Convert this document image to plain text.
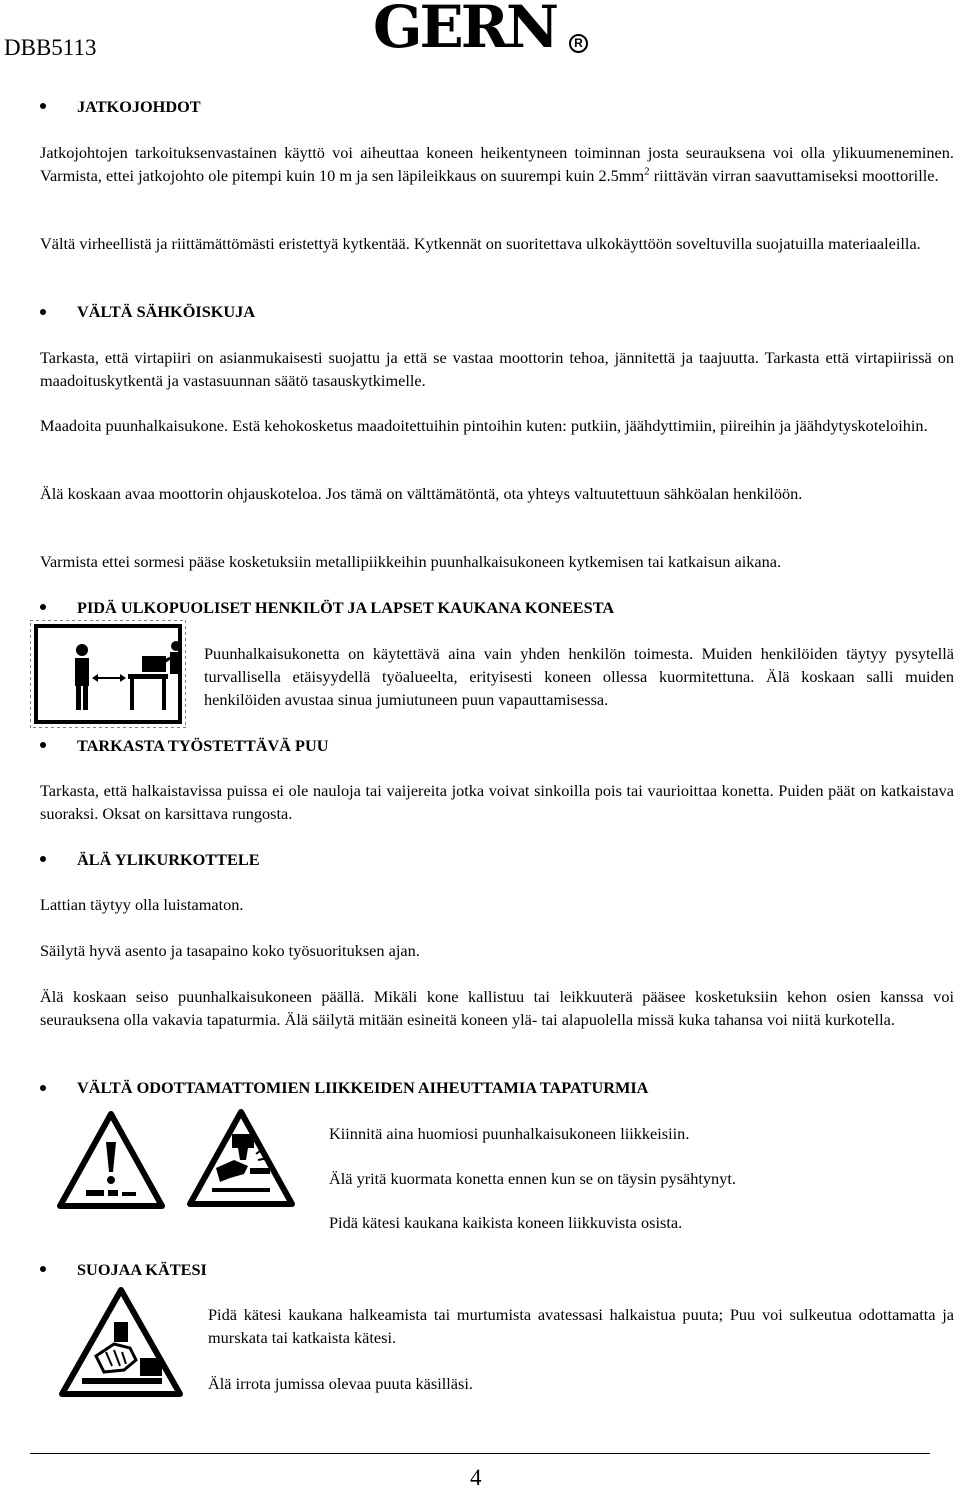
DBB5113	GERN	R
JATKOJOHDOT
Jatkojohtojen tarkoituksenvastainen käyttö voi aiheuttaa koneen heikentyneen toiminnan josta seurauksena voi olla ylikuumeneminen. Varmista, ettei jatkojohto ole pitempi kuin 10 m ja sen läpileikkaus on suurempi kuin $2.5mm^2$ riittävän virran saavuttamiseksi moottorille.
Vältä virheellistä ja riittämättömästi eristettyä kytkentää. Kytkennät on suoritettava ulkokäyttöön soveltuvilla suojatuilla materiaaleilla.
VÄLTÄ SÄHKÖISKUJA
Tarkasta, että virtapiiri on asianmukaisesti suojattu ja että se vastaa moottorin tehoa, jännitettä ja taajuutta. Tarkasta että virtapiirissä on maadoituskytkentä ja vastasuunnan säätö tasauskytkimelle.
Maadoita puunhalkaisukone. Estä kehokosketus maadoitettuihin pintoihin kuten: putkiin, jäähdyttimiin, piireihin ja jäähdytyskoteloihin.
Älä koskaan avaa moottorin ohjauskoteloa. Jos tämä on välttämätöntä, ota yhteys valtuutettuun sähköalan henkilöön.
Varmista ettei sormesi pääse kosketuksiin metallipiikkeihin puunhalkaisukoneen kytkemisen tai katkaisun aikana.
PIDÄ ULKOPUOLISET HENKILÖT JA LAPSET KAUKANA KONEESTA
Puunhalkaisukonetta on käytettävä aina vain yhden henkilön toimesta. Muiden henkilöiden täytyy pysytellä turvallisella etäisyydellä työalueelta, erityisesti koneen ollessa kuormitettuna. Älä koskaan salli muiden henkilöiden avustaa sinua jumiutuneen puun vapauttamisessa.
TARKASTA TYÖSTETTÄVÄ PUU
Tarkasta, että halkaistavissa puissa ei ole nauloja tai vaijereita jotka voivat sinkoilla pois tai vaurioittaa konetta. Puiden päät on katkaistava suoraksi. Oksat on karsittava rungosta.
ÄLÄ YLIKURKOTTELE
Lattian täytyy olla luistamaton.
Säilytä hyvä asento ja tasapaino koko työsuorituksen ajan.
Älä koskaan seiso puunhalkaisukoneen päällä. Mikäli kone kallistuu tai leikkuuterä pääsee kosketuksiin kehon osien kanssa voi seurauksena olla vakavia tapaturmia. Älä säilytä mitään esineitä koneen ylä- tai alapuolella missä kuka tahansa voi niitä kurkotella.
VÄLTÄ ODOTTAMATTOMIEN LIIKKEIDEN AIHEUTTAMIA TAPATURMIA
Kiinnitä aina huomiosi puunhalkaisukoneen liikkeisiin.
Älä yritä kuormata konetta ennen kun se on täysin pysähtynyt.
Pidä kätesi kaukana kaikista koneen liikkuvista osista.
SUOJAA KÄTESI
Pidä kätesi kaukana halkeamista tai murtumista avatessasi halkaistua puuta; Puu voi sulkeutua odottamatta ja murskata tai katkaista kätesi.
Älä irrota jumissa olevaa puuta käsilläsi.
4
